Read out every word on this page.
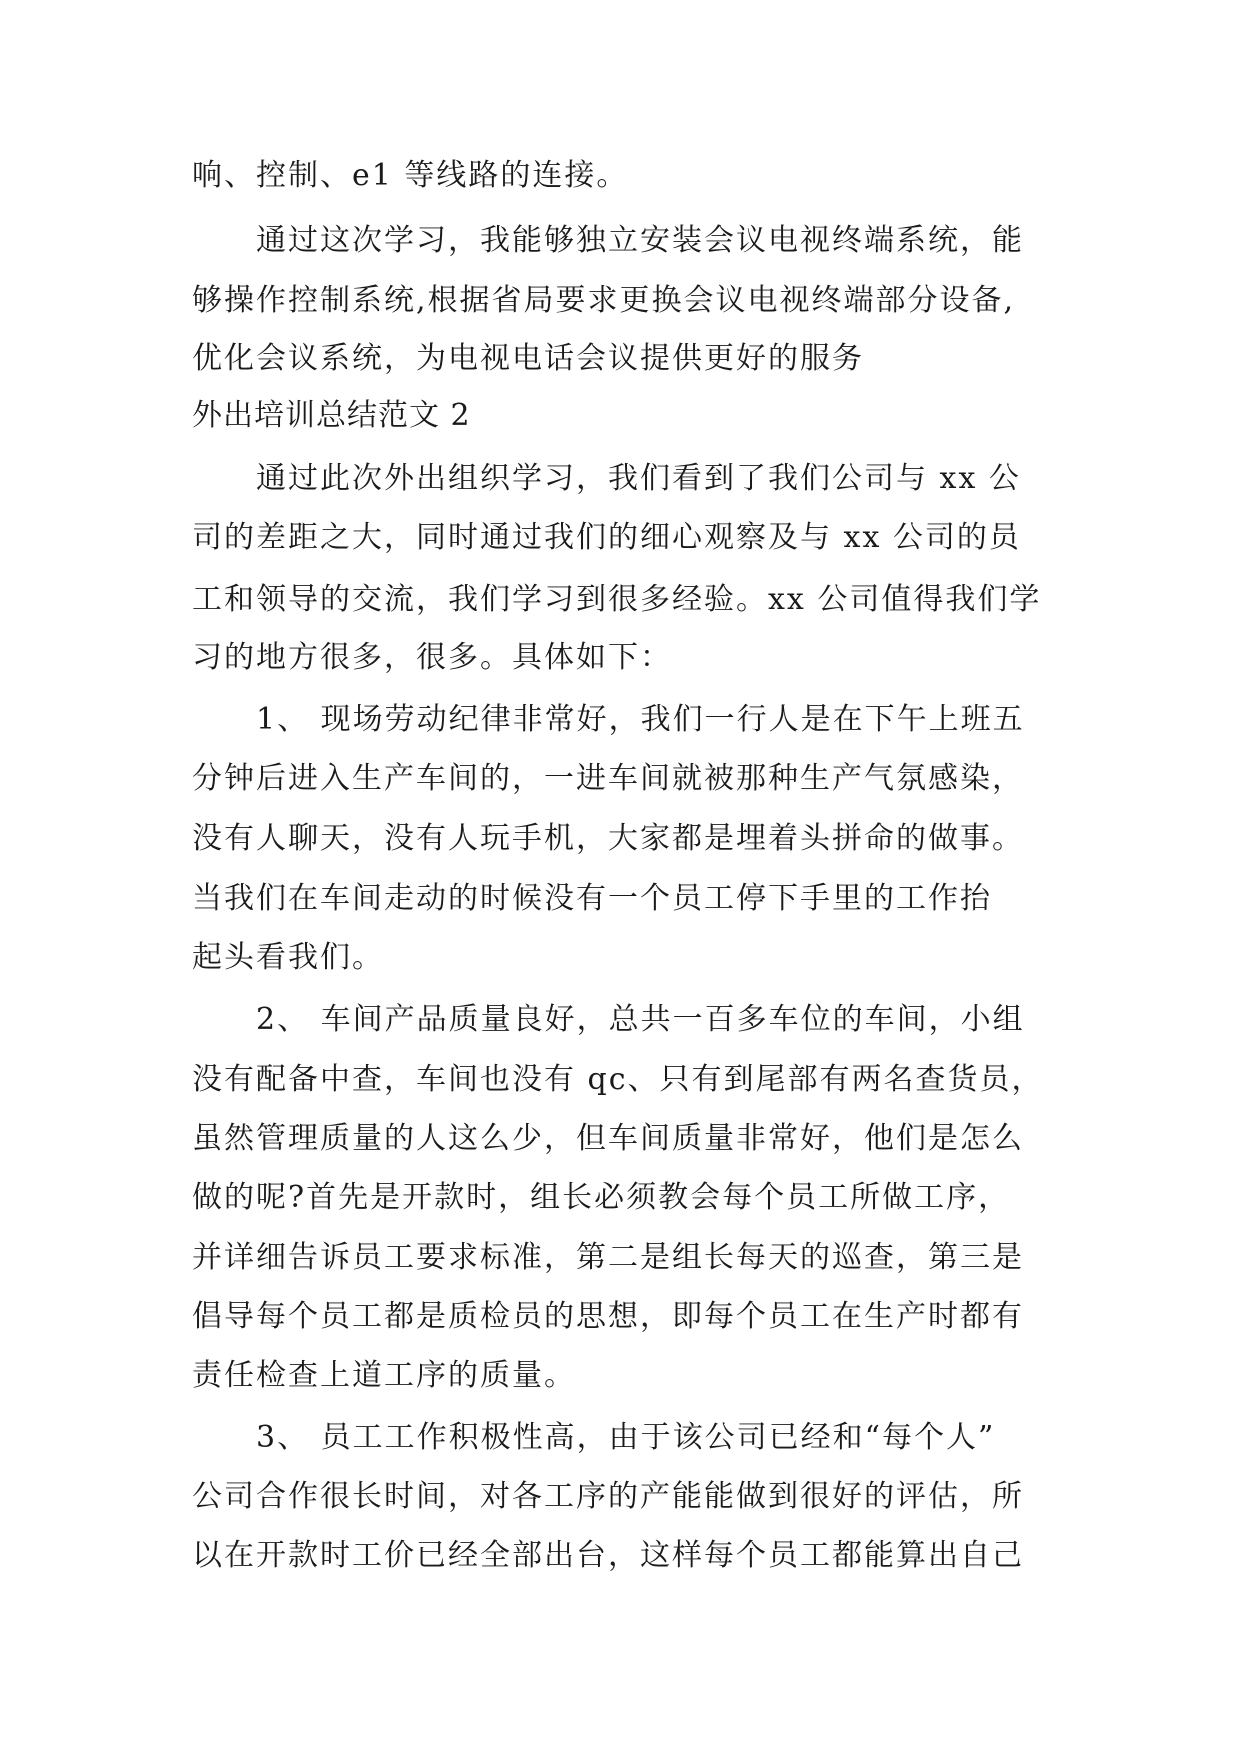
响、控制、e1 等线路的连接。
通过这次学习，我能够独立安装会议电视终端系统，能
够操作控制系统,根据省局要求更换会议电视终端部分设备,
优化会议系统，为电视电话会议提供更好的服务
外出培训总结范文 2
通过此次外出组织学习，我们看到了我们公司与 xx 公
司的差距之大，同时通过我们的细心观察及与 xx 公司的员
工和领导的交流，我们学习到很多经验。xx 公司值得我们学
习的地方很多，很多。具体如下：
1、 现场劳动纪律非常好，我们一行人是在下午上班五
分钟后进入生产车间的，一进车间就被那种生产气氛感染，
没有人聊天，没有人玩手机，大家都是埋着头拼命的做事。
当我们在车间走动的时候没有一个员工停下手里的工作抬
起头看我们。
2、 车间产品质量良好，总共一百多车位的车间，小组
没有配备中查，车间也没有 qc、只有到尾部有两名查货员，
虽然管理质量的人这么少，但车间质量非常好，他们是怎么
做的呢?首先是开款时，组长必须教会每个员工所做工序，
并详细告诉员工要求标准，第二是组长每天的巡查，第三是
倡导每个员工都是质检员的思想，即每个员工在生产时都有
责任检查上道工序的质量。
3、 员工工作积极性高，由于该公司已经和“每个人”
公司合作很长时间，对各工序的产能能做到很好的评估，所
以在开款时工价已经全部出台，这样每个员工都能算出自己
